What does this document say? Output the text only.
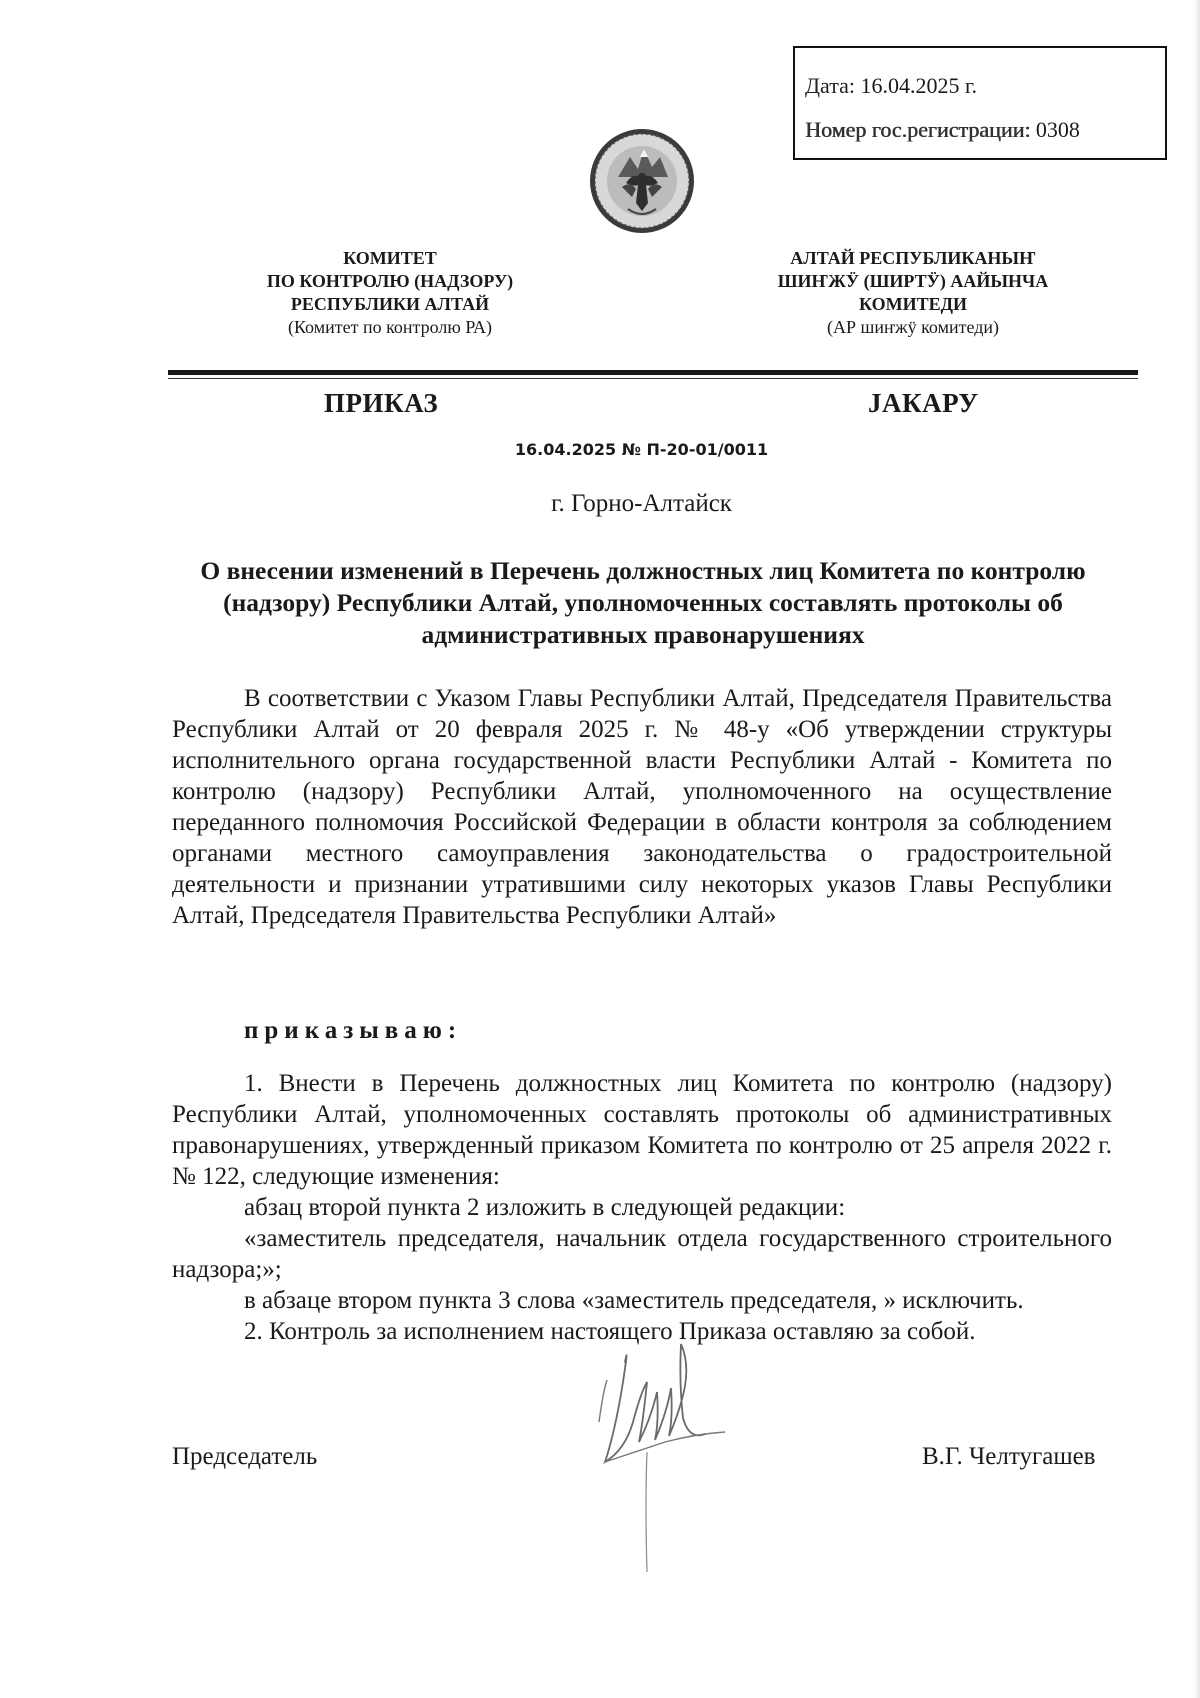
Дата: 16.04.2025 г.
Номер гос.регистрации: 0308
КОМИТЕТ
ПО КОНТРОЛЮ (НАДЗОРУ)
РЕСПУБЛИКИ АЛТАЙ
(Комитет по контролю РА)
АЛТАЙ РЕСПУБЛИКАНЫҤ
ШИҤЖӰ (ШИРТӰ) ААЙЫНЧА
КОМИТЕДИ
(АР шиҥжӱ комитеди)
ПРИКАЗ	ЈАКАРУ
16.04.2025 № П-20-01/0011
г. Горно-Алтайск
О внесении изменений в Перечень должностных лиц Комитета по контролю (надзору) Республики Алтай, уполномоченных составлять протоколы об административных правонарушениях
В соответствии с Указом Главы Республики Алтай, Председателя Правительства Республики Алтай от 20 февраля 2025 г. № 48-у «Об утверждении структуры исполнительного органа государственной власти Республики Алтай - Комитета по контролю (надзору) Республики Алтай, уполномоченного на осуществление переданного полномочия Российской Федерации в области контроля за соблюдением органами местного самоуправления законодательства о градостроительной деятельности и признании утратившими силу некоторых указов Главы Республики Алтай, Председателя Правительства Республики Алтай»
приказываю:
1. Внести в Перечень должностных лиц Комитета по контролю (надзору) Республики Алтай, уполномоченных составлять протоколы об административных правонарушениях, утвержденный приказом Комитета по контролю от 25 апреля 2022 г. № 122, следующие изменения:
абзац второй пункта 2 изложить в следующей редакции:
«заместитель председателя, начальник отдела государственного строительного надзора;»;
в абзаце втором пункта 3 слова «заместитель председателя, » исключить.
2. Контроль за исполнением настоящего Приказа оставляю за собой.
Председатель	В.Г. Челтугашев
